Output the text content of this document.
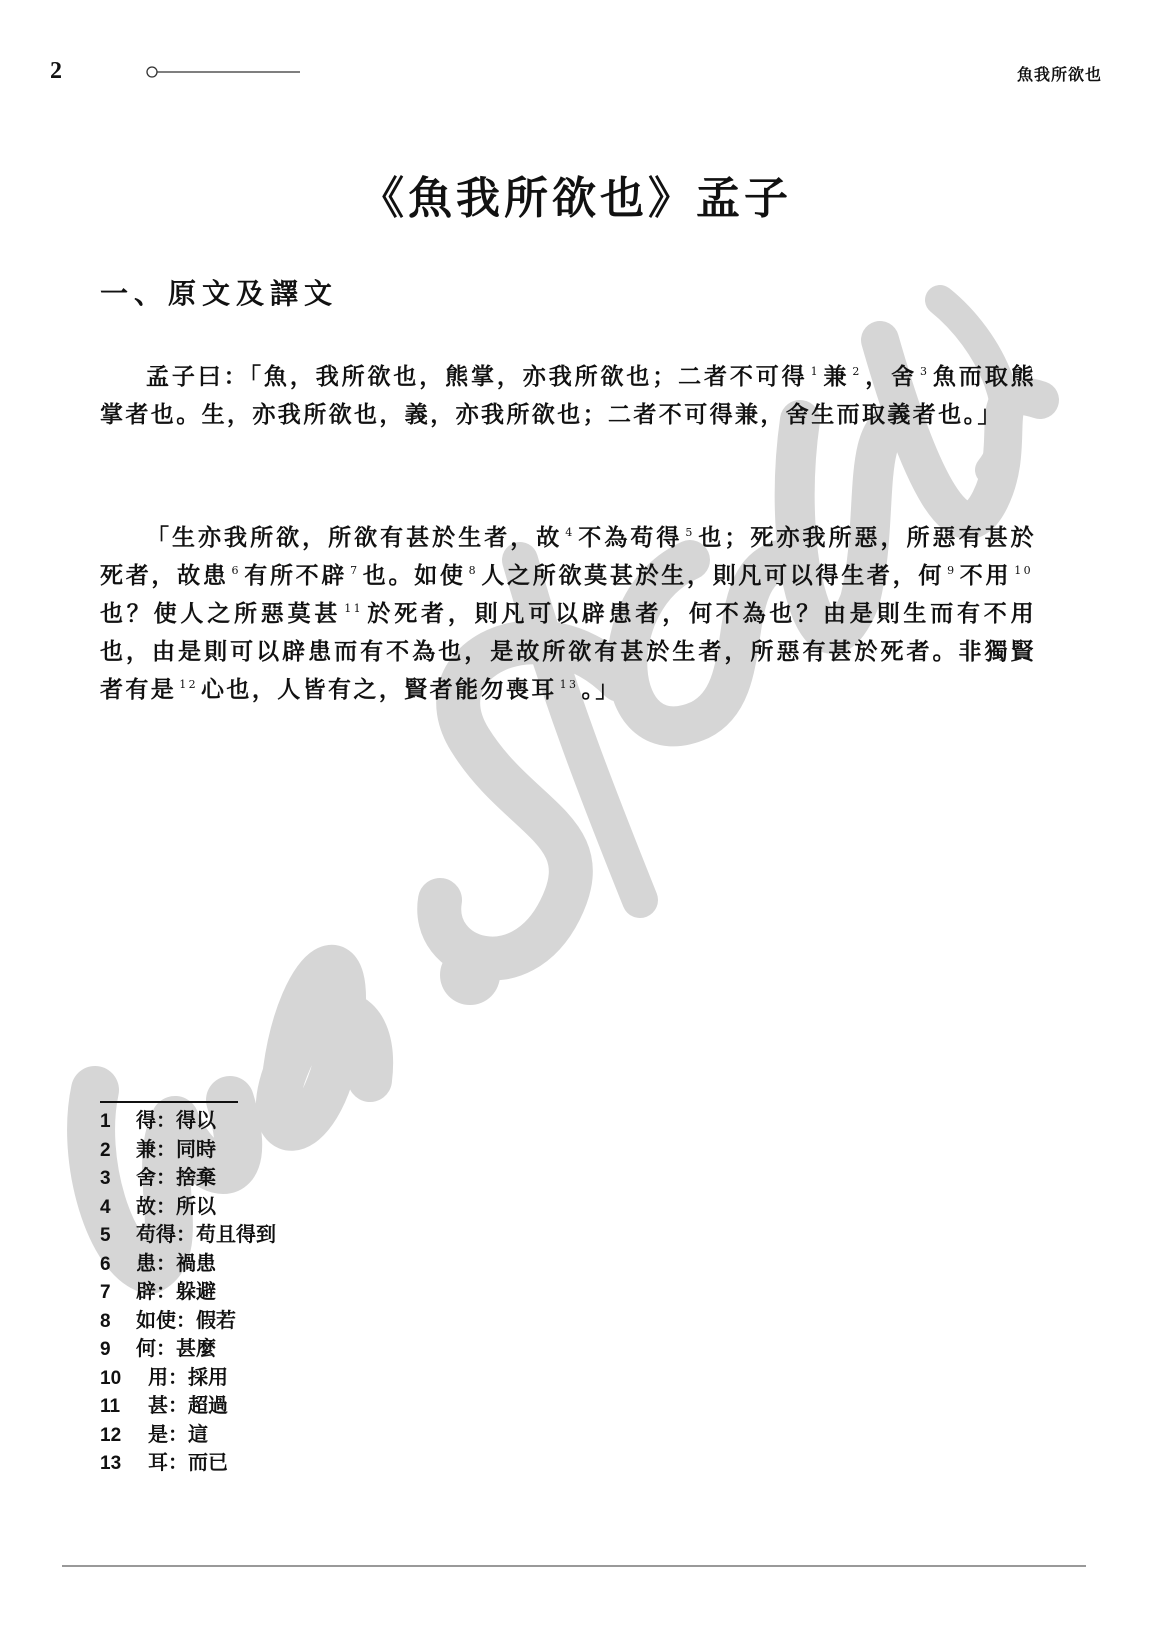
2	魚我所欲也
《魚我所欲也》孟子
一、原文及譯文

孟子曰：「魚，我所欲也，熊掌，亦我所欲也；二者不可得 $^1$ 兼 $^2$ ，舍 $^3$ 魚而取熊掌者也。生，亦我所欲也，義，亦我所欲也；二者不可得兼，舍生而取義者也。」

「生亦我所欲，所欲有甚於生者，故 $^4$ 不為苟得 $^5$ 也；死亦我所惡，所惡有甚於死者，故患 $^6$ 有所不辟 $^7$ 也。如使 $^8$ 人之所欲莫甚於生，則凡可以得生者，何 $^9$ 不用 $^{10}$也？使人之所惡莫甚 $^{11}$ 於死者，則凡可以辟患者，何不為也？由是則生而有不用也，由是則可以辟患而有不為也，是故所欲有甚於生者，所惡有甚於死者。非獨賢者有是 $^{12}$ 心也，人皆有之，賢者能勿喪耳 $^{13}$ 。」

1 得：得以
2 兼：同時
3 舍：捨棄
4 故：所以
5 苟得：苟且得到
6 患：禍患
7 辟：躲避
8 如使：假若
9 何：甚麼
10 用：採用
11 甚：超過
12 是：這
13 耳：而已
